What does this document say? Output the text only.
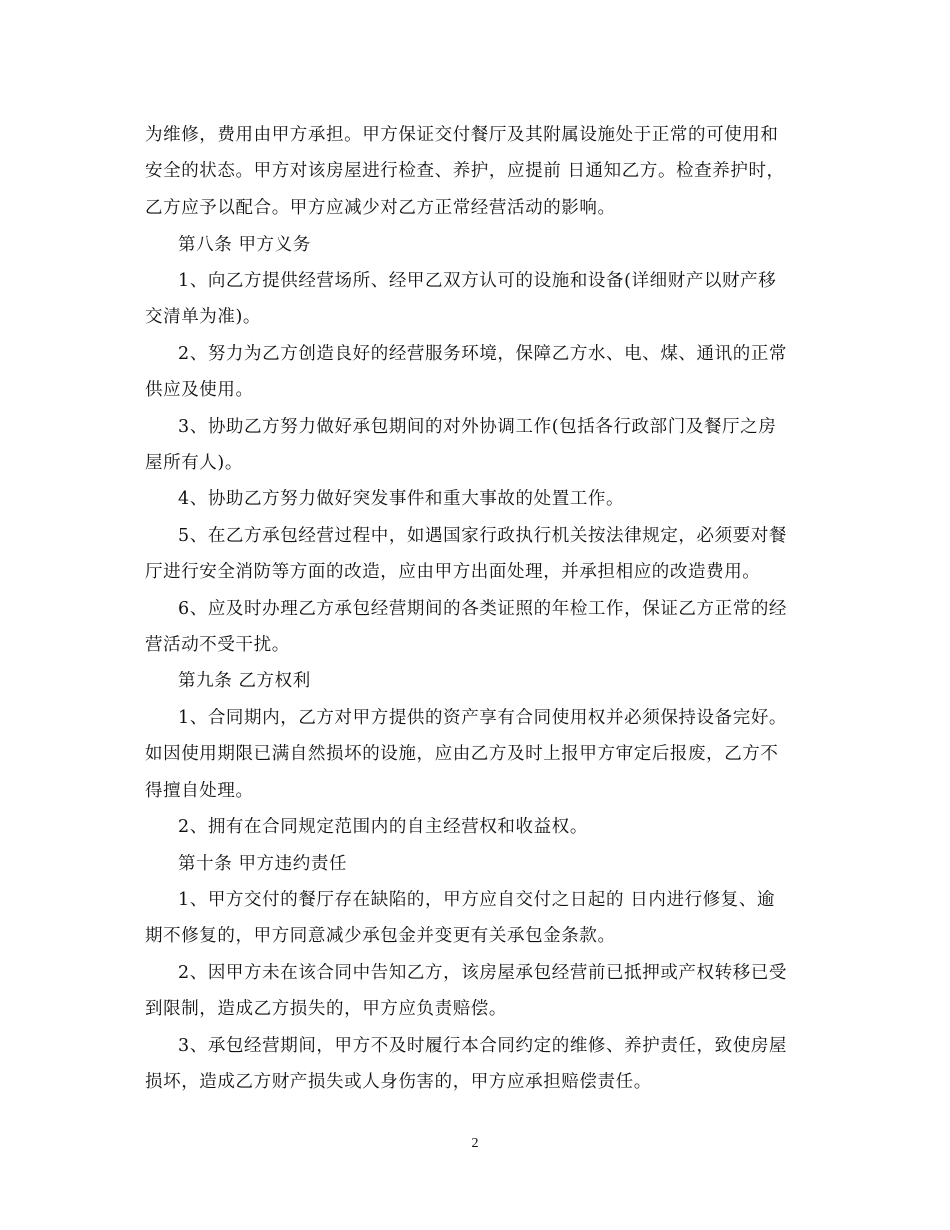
为维修，费用由甲方承担。甲方保证交付餐厅及其附属设施处于正常的可使用和
安全的状态。甲方对该房屋进行检查、养护，应提前 日通知乙方。检查养护时，
乙方应予以配合。甲方应减少对乙方正常经营活动的影响。
第八条 甲方义务
1、向乙方提供经营场所、经甲乙双方认可的设施和设备(详细财产以财产移
交清单为准)。
2、努力为乙方创造良好的经营服务环境，保障乙方水、电、煤、通讯的正常
供应及使用。
3、协助乙方努力做好承包期间的对外协调工作(包括各行政部门及餐厅之房
屋所有人)。
4、协助乙方努力做好突发事件和重大事故的处置工作。
5、在乙方承包经营过程中，如遇国家行政执行机关按法律规定，必须要对餐
厅进行安全消防等方面的改造，应由甲方出面处理，并承担相应的改造费用。
6、应及时办理乙方承包经营期间的各类证照的年检工作，保证乙方正常的经
营活动不受干扰。
第九条 乙方权利
1、合同期内，乙方对甲方提供的资产享有合同使用权并必须保持设备完好。
如因使用期限已满自然损坏的设施，应由乙方及时上报甲方审定后报废，乙方不
得擅自处理。
2、拥有在合同规定范围内的自主经营权和收益权。
第十条 甲方违约责任
1、甲方交付的餐厅存在缺陷的，甲方应自交付之日起的 日内进行修复、逾
期不修复的，甲方同意减少承包金并变更有关承包金条款。
2、因甲方未在该合同中告知乙方，该房屋承包经营前已抵押或产权转移已受
到限制，造成乙方损失的，甲方应负责赔偿。
3、承包经营期间，甲方不及时履行本合同约定的维修、养护责任，致使房屋
损坏，造成乙方财产损失或人身伤害的，甲方应承担赔偿责任。
2
